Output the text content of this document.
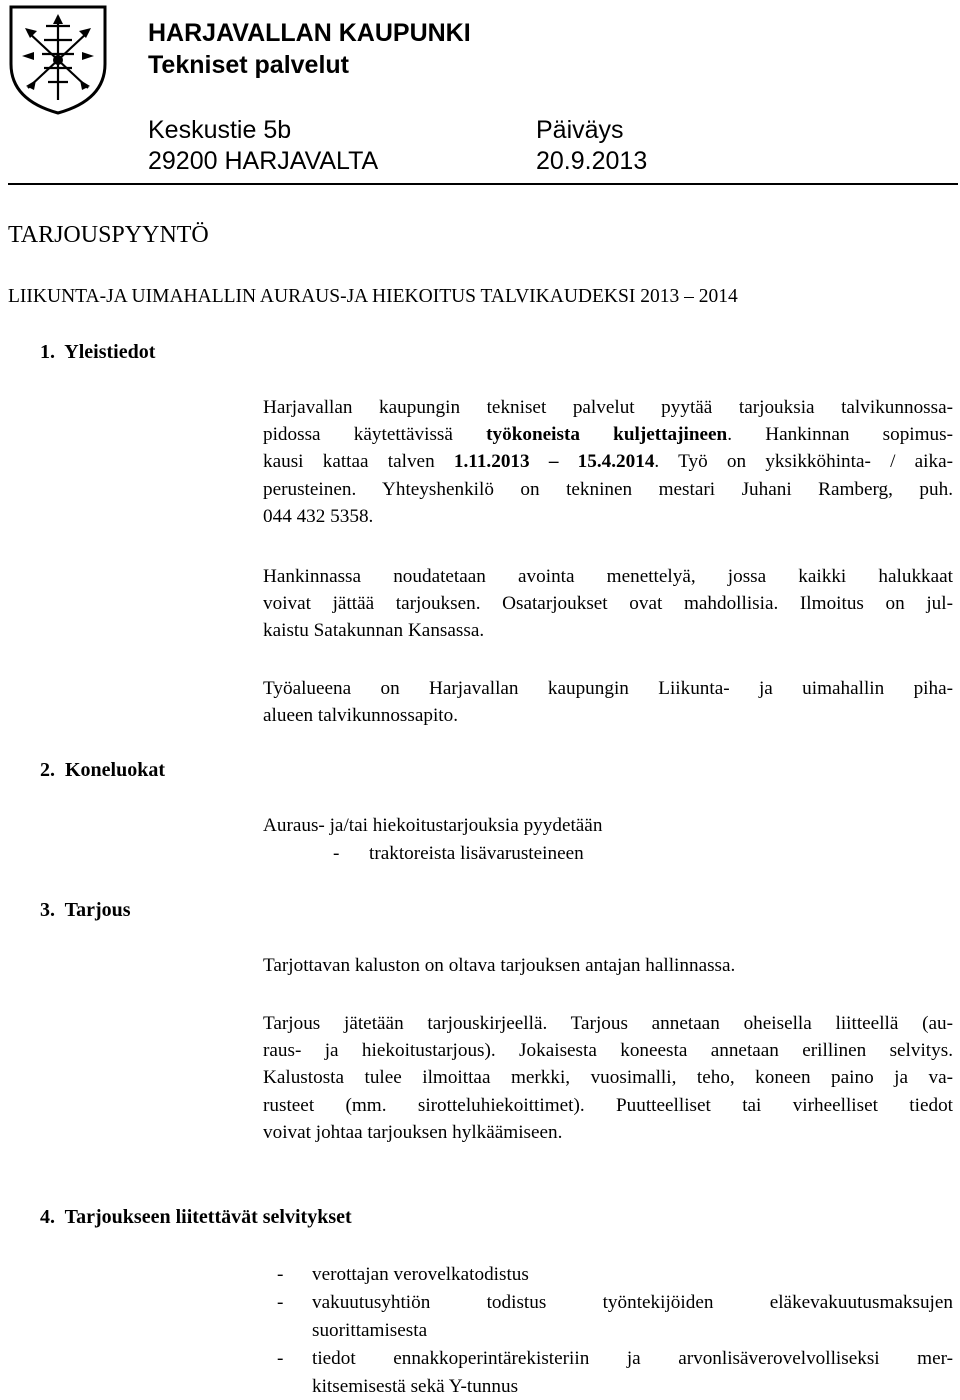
HARJAVALLAN KAUPUNKI
Tekniset palvelut
Keskustie 5b
29200 HARJAVALTA
Päiväys
20.9.2013
TARJOUSPYYNTÖ
LIIKUNTA-JA UIMAHALLIN AURAUS-JA HIEKOITUS TALVIKAUDEKSI 2013 – 2014
1.  Yleistiedot
Harjavallan kaupungin tekniset palvelut pyytää tarjouksia talvikunnossa-
pidossa käytettävissä työkoneista kuljettajineen. Hankinnan sopimus-
kausi kattaa talven 1.11.2013 – 15.4.2014. Työ on yksikköhinta- / aika-
perusteinen. Yhteyshenkilö on tekninen mestari Juhani Ramberg, puh.
044 432 5358.
Hankinnassa noudatetaan avointa menettelyä, jossa kaikki halukkaat
voivat jättää tarjouksen. Osatarjoukset ovat mahdollisia. Ilmoitus on jul-
kaistu Satakunnan Kansassa.
Työalueena on Harjavallan kaupungin Liikunta- ja uimahallin piha-
alueen talvikunnossapito.
2.  Koneluokat
Auraus- ja/tai hiekoitustarjouksia pyydetään
- traktoreista lisävarusteineen
3.  Tarjous
Tarjottavan kaluston on oltava tarjouksen antajan hallinnassa.
Tarjous jätetään tarjouskirjeellä. Tarjous annetaan oheisella liitteellä (au-
raus- ja hiekoitustarjous). Jokaisesta koneesta annetaan erillinen selvitys.
Kalustosta tulee ilmoittaa merkki, vuosimalli, teho, koneen paino ja va-
rusteet (mm. sirotteluhiekoittimet). Puutteelliset tai virheelliset tiedot
voivat johtaa tarjouksen hylkäämiseen.
4.  Tarjoukseen liitettävät selvitykset
- verottajan verovelkatodistus
- vakuutusyhtiön todistus työntekijöiden eläkevakuutusmaksujen
suorittamisesta
- tiedot ennakkoperintärekisteriin ja arvonlisäverovelvolliseksi mer-
kitsemisestä sekä Y-tunnus
